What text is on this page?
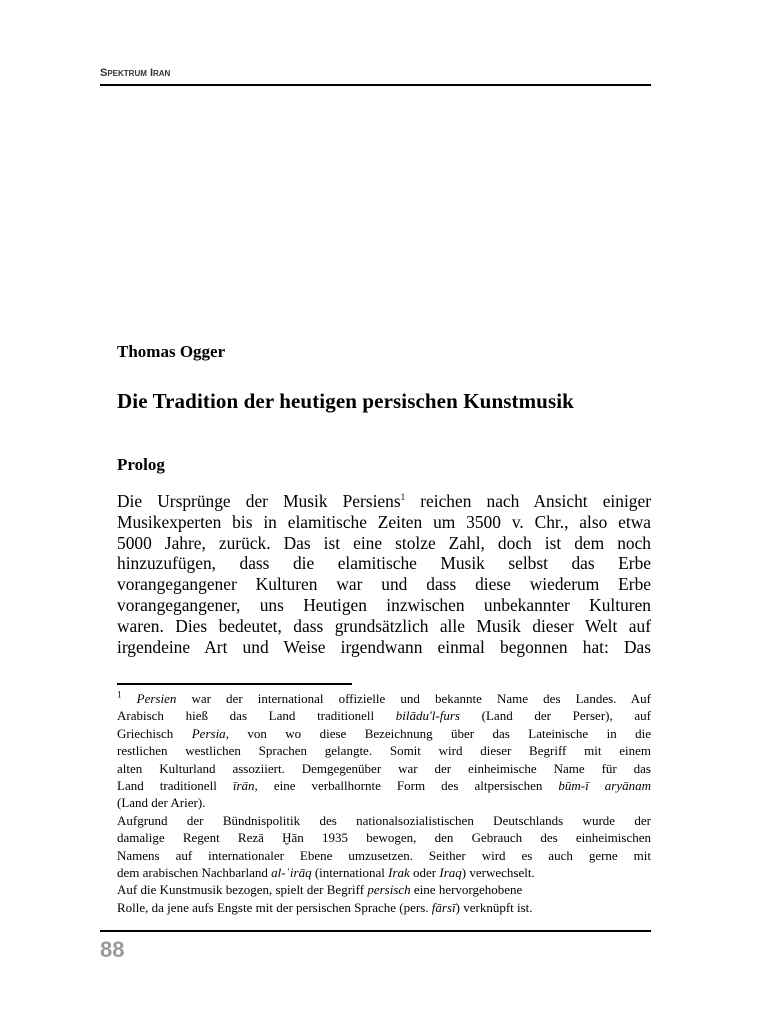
Spektrum Iran
Thomas Ogger
Die Tradition der heutigen persischen Kunstmusik
Prolog
Die Ursprünge der Musik Persiens$^1$ reichen nach Ansicht einiger
Musikexperten bis in elamitische Zeiten um 3500 v. Chr., also etwa
5000 Jahre, zurück. Das ist eine stolze Zahl, doch ist dem noch
hinzuzufügen, dass die elamitische Musik selbst das Erbe
vorangegangener Kulturen war und dass diese wiederum Erbe
vorangegangener, uns Heutigen inzwischen unbekannter Kulturen
waren. Dies bedeutet, dass grundsätzlich alle Musik dieser Welt auf
irgendeine Art und Weise irgendwann einmal begonnen hat: Das
$^1$ Persien war der international offizielle und bekannte Name des Landes. Auf
Arabisch hieß das Land traditionell bilādu'l-furs (Land der Perser), auf
Griechisch Persia, von wo diese Bezeichnung über das Lateinische in die
restlichen westlichen Sprachen gelangte. Somit wird dieser Begriff mit einem
alten Kulturland assoziiert. Demgegenüber war der einheimische Name für das
Land traditionell īrān, eine verballhornte Form des altpersischen būm-ī aryānam
(Land der Arier).
Aufgrund der Bündnispolitik des nationalsozialistischen Deutschlands wurde der
damalige Regent Rezā Ḫān 1935 bewogen, den Gebrauch des einheimischen
Namens auf internationaler Ebene umzusetzen. Seither wird es auch gerne mit
dem arabischen Nachbarland al-ʿirāq (international Irak oder Iraq) verwechselt.
Auf die Kunstmusik bezogen, spielt der Begriff persisch eine hervorgehobene
Rolle, da jene aufs Engste mit der persischen Sprache (pers. fārsī) verknüpft ist.
88
